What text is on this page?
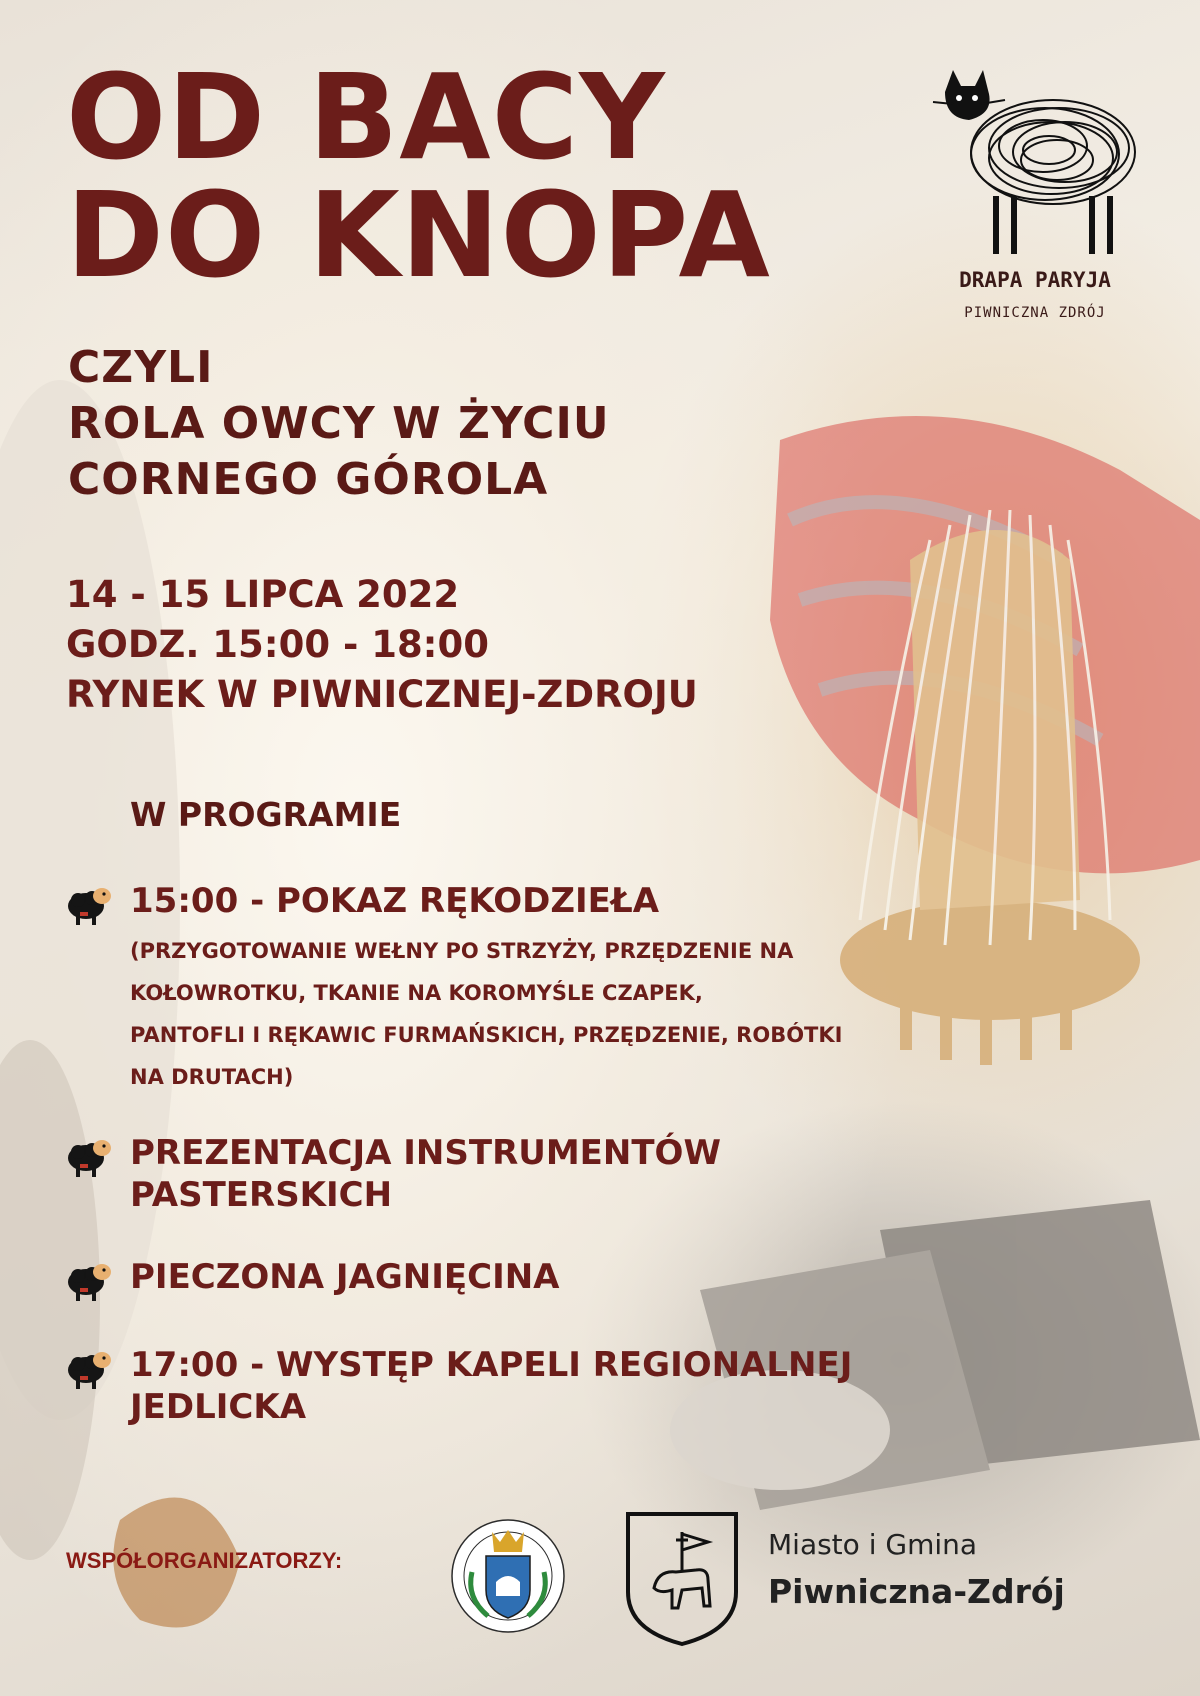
OD BACY
DO KNOPA
CZYLI
ROLA OWCY W ŻYCIU
CORNEGO GÓROLA
DRAPA PARYJA
PIWNICZNA ZDRÓJ
14 - 15 LIPCA 2022
GODZ. 15:00 - 18:00
RYNEK W PIWNICZNEJ-ZDROJU
W PROGRAMIE
15:00 - POKAZ RĘKODZIEŁA
(PRZYGOTOWANIE WEŁNY PO STRZYŻY, PRZĘDZENIE NA
KOŁOWROTKU, TKANIE NA KOROMYŚLE CZAPEK,
PANTOFLI I RĘKAWIC FURMAŃSKICH, PRZĘDZENIE, ROBÓTKI
NA DRUTACH)
PREZENTACJA INSTRUMENTÓW
PASTERSKICH
PIECZONA JAGNIĘCINA
17:00 - WYSTĘP KAPELI REGIONALNEJ
JEDLICKA
WSPÓŁORGANIZATORZY:	Miasto i Gmina
Piwniczna-Zdrój
